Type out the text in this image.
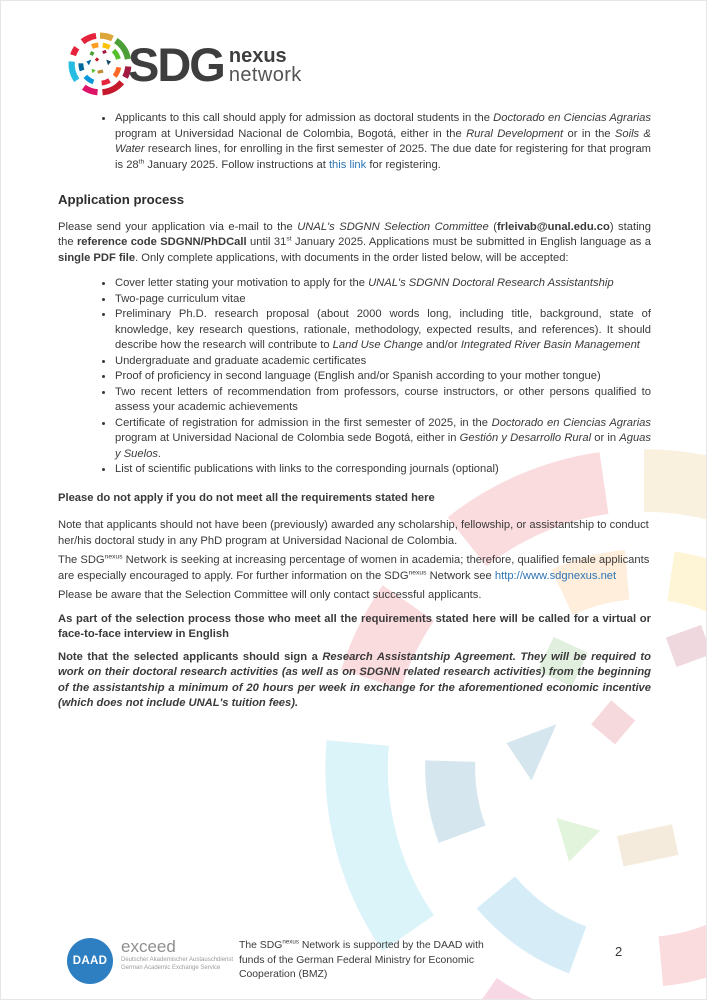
SDG nexus
network
• Applicants to this call should apply for admission as doctoral students in the Doctorado en Ciencias Agrarias program at Universidad Nacional de Colombia, Bogotá, either in the Rural Development or in the Soils & Water research lines, for enrolling in the first semester of 2025. The due date for registering for that program is 28th January 2025. Follow instructions at this link for registering.
Application process

Please send your application via e-mail to the UNAL's SDGNN Selection Committee (frleivab@unal.edu.co) stating the reference code SDGNN/PhDCall until 31st January 2025. Applications must be submitted in English language as a single PDF file. Only complete applications, with documents in the order listed below, will be accepted:

• Cover letter stating your motivation to apply for the UNAL's SDGNN Doctoral Research Assistantship
• Two-page curriculum vitae
• Preliminary Ph.D. research proposal (about 2000 words long, including title, background, state of knowledge, key research questions, rationale, methodology, expected results, and references). It should describe how the research will contribute to Land Use Change and/or Integrated River Basin Management
• Undergraduate and graduate academic certificates
• Proof of proficiency in second language (English and/or Spanish according to your mother tongue)
• Two recent letters of recommendation from professors, course instructors, or other persons qualified to assess your academic achievements
• Certificate of registration for admission in the first semester of 2025, in the Doctorado en Ciencias Agrarias program at Universidad Nacional de Colombia sede Bogotá, either in Gestión y Desarrollo Rural or in Aguas y Suelos.
• List of scientific publications with links to the corresponding journals (optional)

Please do not apply if you do not meet all the requirements stated here

Note that applicants should not have been (previously) awarded any scholarship, fellowship, or assistantship to conduct her/his doctoral study in any PhD program at Universidad Nacional de Colombia.

The $SDG^{nexus}$ Network is seeking at increasing percentage of women in academia; therefore, qualified female applicants are especially encouraged to apply. For further information on the $SDG^{nexus}$ Network see http://www.sdgnexus.net

Please be aware that the Selection Committee will only contact successful applicants.

As part of the selection process those who meet all the requirements stated here will be called for a virtual or face-to-face interview in English

Note that the selected applicants should sign a Research Assistantship Agreement. They will be required to work on their doctoral research activities (as well as on SDGNN related research activities) from the beginning of the assistantship a minimum of 20 hours per week in exchange for the aforementioned economic incentive (which does not include UNAL's tuition fees).

DAAD
exceed
Deutscher Akademischer Austauschdienst
German Academic Exchange Service
The $SDG^{nexus}$ Network is supported by the DAAD with funds of the German Federal Ministry for Economic Cooperation (BMZ)
2
